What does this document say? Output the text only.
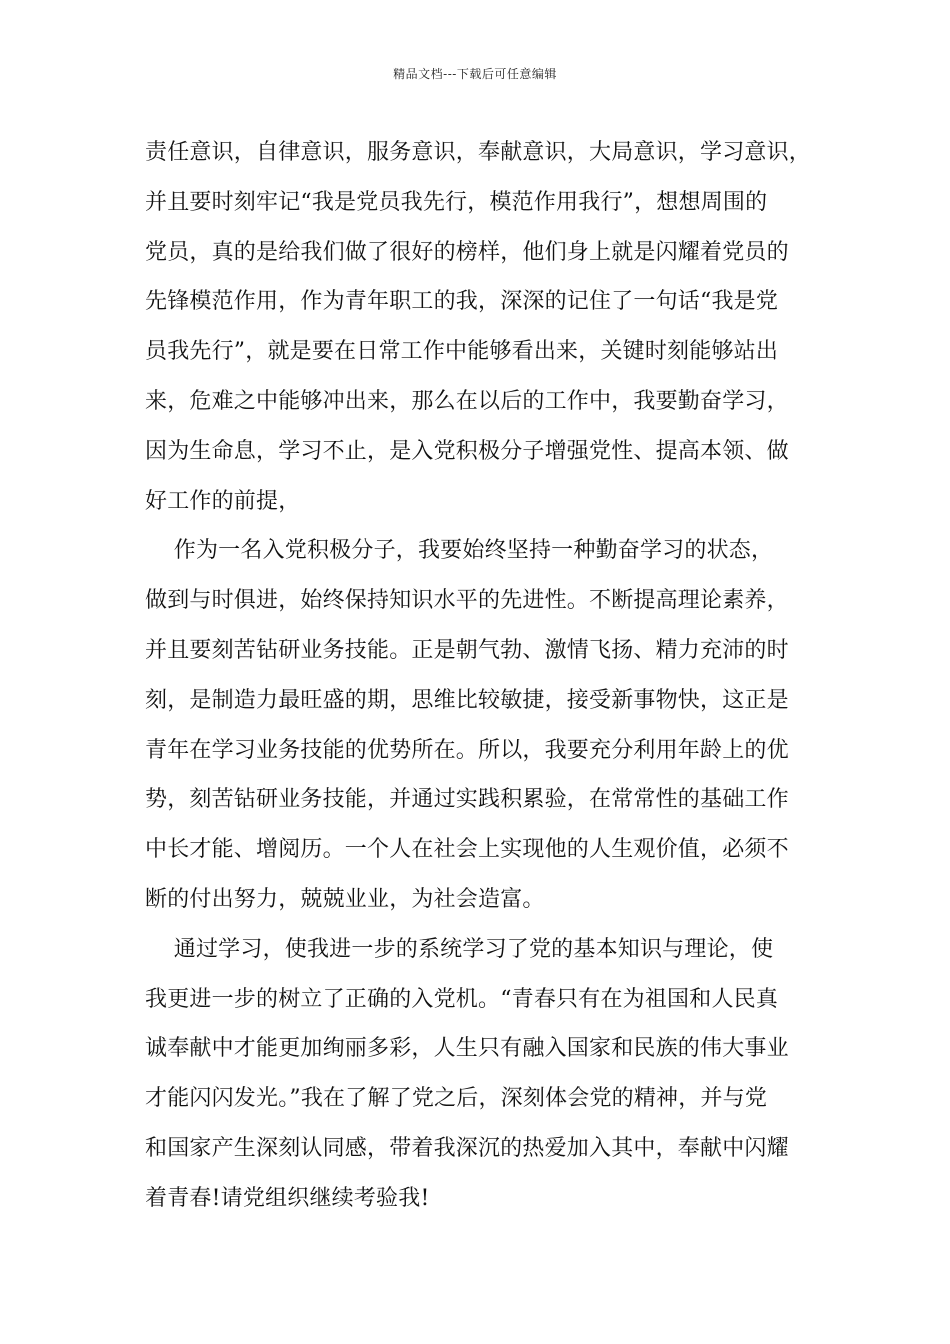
精品文档---下载后可任意编辑
责任意识，自律意识，服务意识，奉献意识，大局意识，学习意识，
并且要时刻牢记“我是党员我先行，模范作用我行”，想想周围的
党员，真的是给我们做了很好的榜样，他们身上就是闪耀着党员的
先锋模范作用，作为青年职工的我，深深的记住了一句话“我是党
员我先行”，就是要在日常工作中能够看出来，关键时刻能够站出
来，危难之中能够冲出来，那么在以后的工作中，我要勤奋学习，
因为生命息，学习不止，是入党积极分子增强党性、提高本领、做
好工作的前提，
作为一名入党积极分子，我要始终坚持一种勤奋学习的状态，
做到与时俱进，始终保持知识水平的先进性。不断提高理论素养，
并且要刻苦钻研业务技能。正是朝气勃、激情飞扬、精力充沛的时
刻，是制造力最旺盛的期，思维比较敏捷，接受新事物快，这正是
青年在学习业务技能的优势所在。所以，我要充分利用年龄上的优
势，刻苦钻研业务技能，并通过实践积累验，在常常性的基础工作
中长才能、增阅历。一个人在社会上实现他的人生观价值，必须不
断的付出努力，兢兢业业，为社会造富。
通过学习，使我进一步的系统学习了党的基本知识与理论，使
我更进一步的树立了正确的入党机。“青春只有在为祖国和人民真
诚奉献中才能更加绚丽多彩，人生只有融入国家和民族的伟大事业
才能闪闪发光。”我在了解了党之后，深刻体会党的精神，并与党
和国家产生深刻认同感，带着我深沉的热爱加入其中，奉献中闪耀
着青春!请党组织继续考验我!
